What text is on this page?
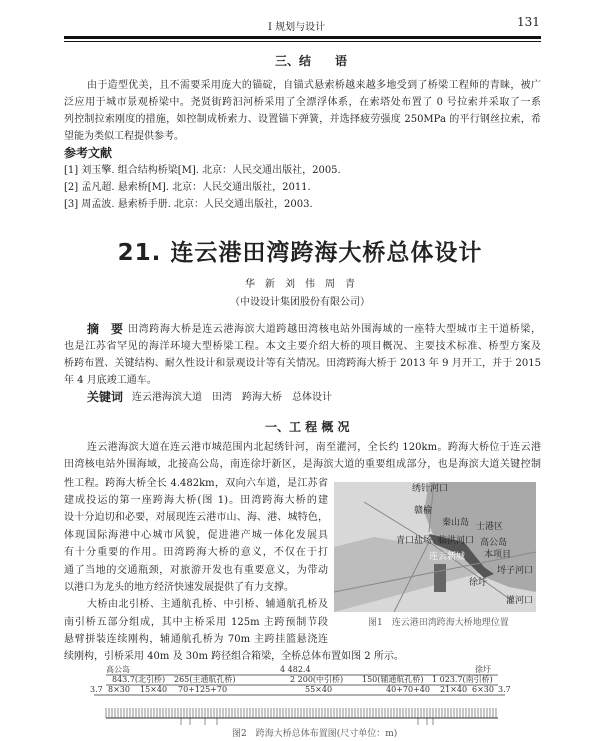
Ⅰ 规划与设计	131
三、结　　语
由于造型优美，且不需要采用庞大的锚碇，自锚式悬索桥越来越多地受到了桥梁工程师的青睐，被广
泛应用于城市景观桥梁中。尧贤街跨汩河桥采用了全漂浮体系，在索塔处布置了 0 号拉索并采取了一系
列控制拉索刚度的措施，如控制成桥索力、设置锚下弹簧，并选择疲劳强度 250MPa 的平行钢丝拉索，希
望能为类似工程提供参考。
参考文献
[1] 刘玉擎. 组合结构桥梁[M]. 北京：人民交通出版社，2005.
[2] 孟凡超. 悬索桥[M]. 北京：人民交通出版社，2011.
[3] 周孟波. 悬索桥手册. 北京：人民交通出版社，2003.
21. 连云港田湾跨海大桥总体设计
华　新　刘　伟　周　青
（中设设计集团股份有限公司）
摘　要 田湾跨海大桥是连云港海滨大道跨越田湾核电站外围海域的一座特大型城市主干道桥梁，
也是江苏省罕见的海洋环境大型桥梁工程。本文主要介绍大桥的项目概况、主要技术标准、桥型方案及
桥跨布置、关键结构、耐久性设计和景观设计等有关情况。田湾跨海大桥于 2013 年 9 月开工，并于 2015
年 4 月底竣工通车。
关键词 连云港海滨大道　田湾　跨海大桥　总体设计
一、工 程 概 况
连云港海滨大道在连云港市城范围内北起绣针河，南至灌河，全长约 120km。跨海大桥位于连云港
田湾核电站外围海域，北接高公岛，南连徐圩新区，是海滨大道的重要组成部分，也是海滨大道关键控制
性工程。跨海大桥全长 4.482km，双向六车道，是江苏省
建成投运的第一座跨海大桥(图 1)。田湾跨海大桥的建
设十分迫切和必要，对展现连云港市山、海、港、城特色，
体现国际海港中心城市风貌，促进港产城一体化发展具
有十分重要的作用。田湾跨海大桥的意义，不仅在于打
通了当地的交通瓶颈，对旅游开发也有重要意义，为带动
以港口为龙头的地方经济快速发展提供了有力支撑。
大桥由北引桥、主通航孔桥、中引桥、辅通航孔桥及
南引桥五部分组成，其中主桥采用 125m 主跨预制节段
悬臂拼装连续刚构，辅通航孔桥为 70m 主跨挂篮悬浇连
续刚构，引桥采用 40m 及 30m 跨径组合箱梁，全桥总体布置如图 2 所示。
绣针河口
赣榆
秦山岛 士港区
青口盐场 临洪河口 高公岛
本项目
连云新城
徐圩
埒子河口
灌河口
图1　连云港田湾跨海大桥地理位置
高公岛	徐圩
4 482.4
843.7(北引桥) 265(主通航孔桥)	2 200(中引桥) 150(辅通航孔桥) 1 023.7(南引桥)
3.7 8×30 15×40 70+125+70	55×40	40+70+40 21×40 6×30 3.7
图2　跨海大桥总体布置图(尺寸单位：m)
